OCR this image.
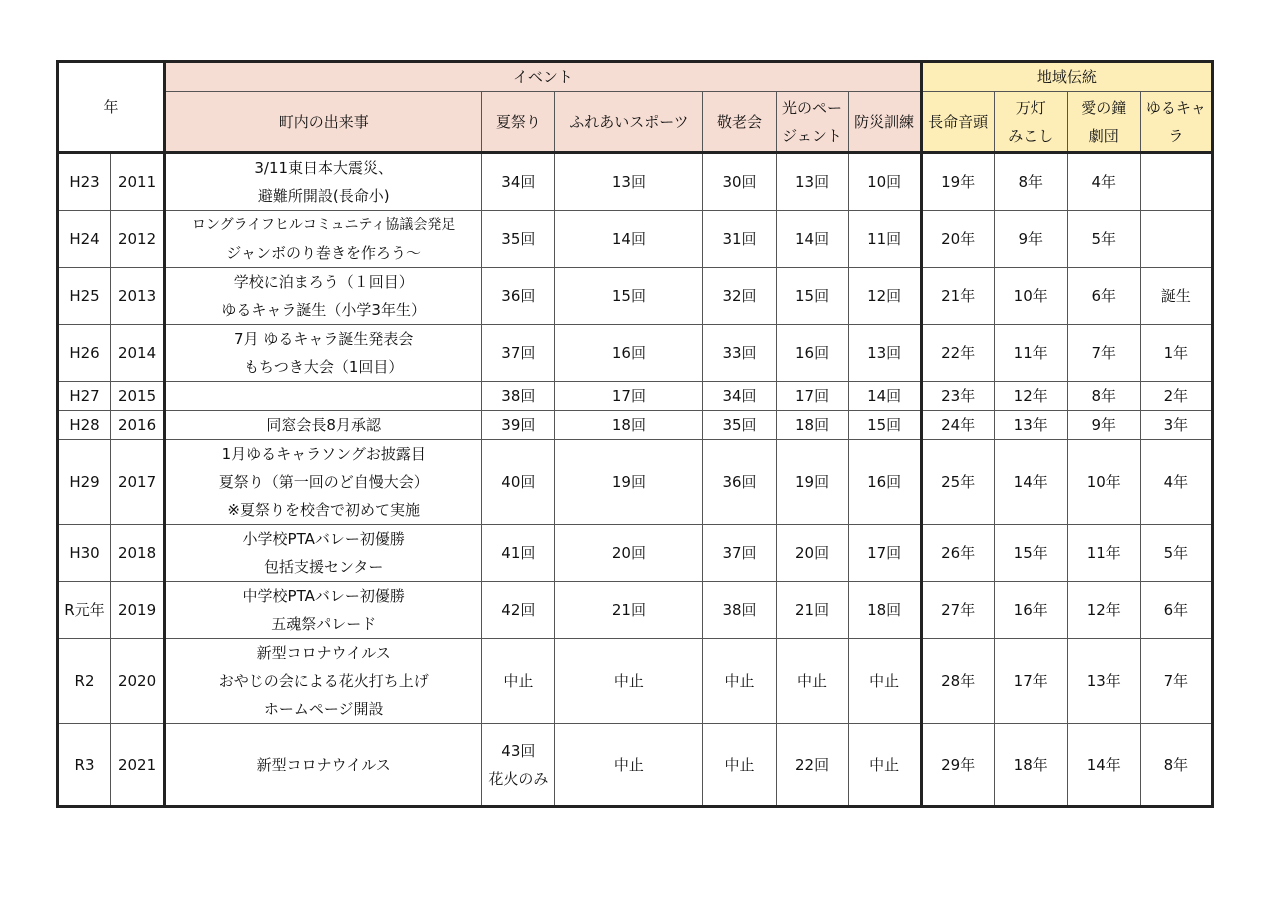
年		イベント						地域伝統			
		町内の出来事	夏祭り	ふれあいスポーツ	敬老会	光のペー
ジェント	防災訓練	長命音頭	万灯
みこし	愛の鐘
劇団	ゆるキャ
ラ

H23	2011	3/11東日本大震災、
避難所開設(長命小)	34回	13回	30回	13回	10回	19年	8年	4年	
H24	2012	ロングライフヒルコミュニティ協議会発足
ジャンボのり巻きを作ろう～	35回	14回	31回	14回	11回	20年	9年	5年	
H25	2013	学校に泊まろう（１回目）
ゆるキャラ誕生（小学3年生）	36回	15回	32回	15回	12回	21年	10年	6年	誕生
H26	2014	7月 ゆるキャラ誕生発表会
もちつき大会（1回目）	37回	16回	33回	16回	13回	22年	11年	7年	1年
H27	2015		38回	17回	34回	17回	14回	23年	12年	8年	2年
H28	2016	同窓会長8月承認	39回	18回	35回	18回	15回	24年	13年	9年	3年
H29	2017	1月ゆるキャラソングお披露目
夏祭り（第一回のど自慢大会）
※夏祭りを校舎で初めて実施	40回	19回	36回	19回	16回	25年	14年	10年	4年
H30	2018	小学校PTAバレー初優勝
包括支援センター	41回	20回	37回	20回	17回	26年	15年	11年	5年
R元年	2019	中学校PTAバレー初優勝
五魂祭パレード	42回	21回	38回	21回	18回	27年	16年	12年	6年
R2	2020	新型コロナウイルス
おやじの会による花火打ち上げ
ホームページ開設	中止	中止	中止	中止	中止	28年	17年	13年	7年
R3	2021	新型コロナウイルス	43回
花火のみ	中止	中止	22回	中止	29年	18年	14年	8年
